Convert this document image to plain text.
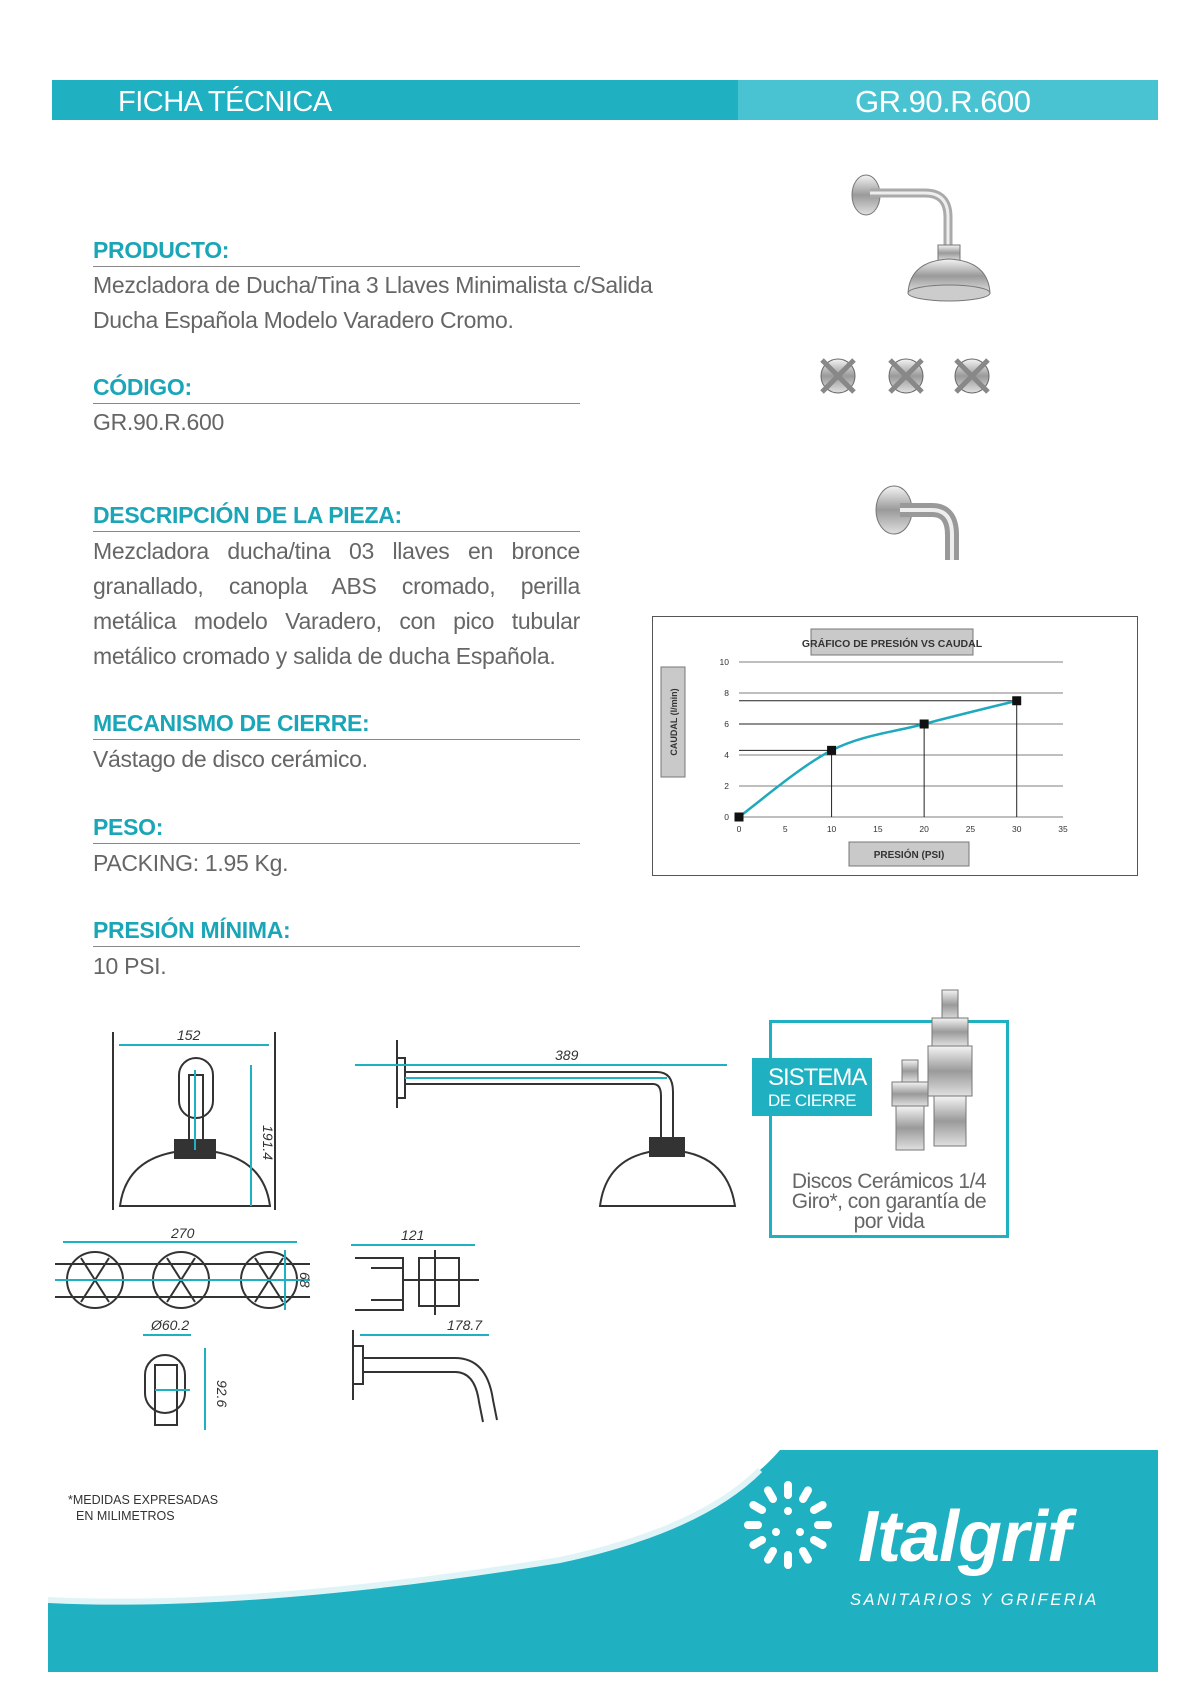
FICHA TÉCNICA	GR.90.R.600
PRODUCTO:
Mezcladora de Ducha/Tina 3 Llaves Minimalista c/Salida
Ducha Española Modelo Varadero Cromo.
CÓDIGO:
GR.90.R.600
DESCRIPCIÓN DE LA PIEZA:
Mezcladora ducha/tina 03 llaves en bronce granallado, canopla ABS cromado, perilla metálica modelo Varadero, con pico tubular metálico cromado y salida de ducha Española.
MECANISMO DE CIERRE:
Vástago de disco cerámico.
PESO:
PACKING: 1.95 Kg.
PRESIÓN MÍNIMA:
10 PSI.
0
2
4
6
8
10
0	5	10	15	20	25	30	35
GRÁFICO DE PRESIÓN VS CAUDAL
PRESIÓN (PSI)
CAUDAL (l/min)
152
191.4
389
270
68
121
Ø60.2
92.6
178.7
SISTEMA
DE CIERRE
Discos Cerámicos 1/4 Giro*, con garantía de por vida
*MEDIDAS EXPRESADAS
EN MILIMETROS	Italgrif
SANITARIOS Y GRIFERIA
